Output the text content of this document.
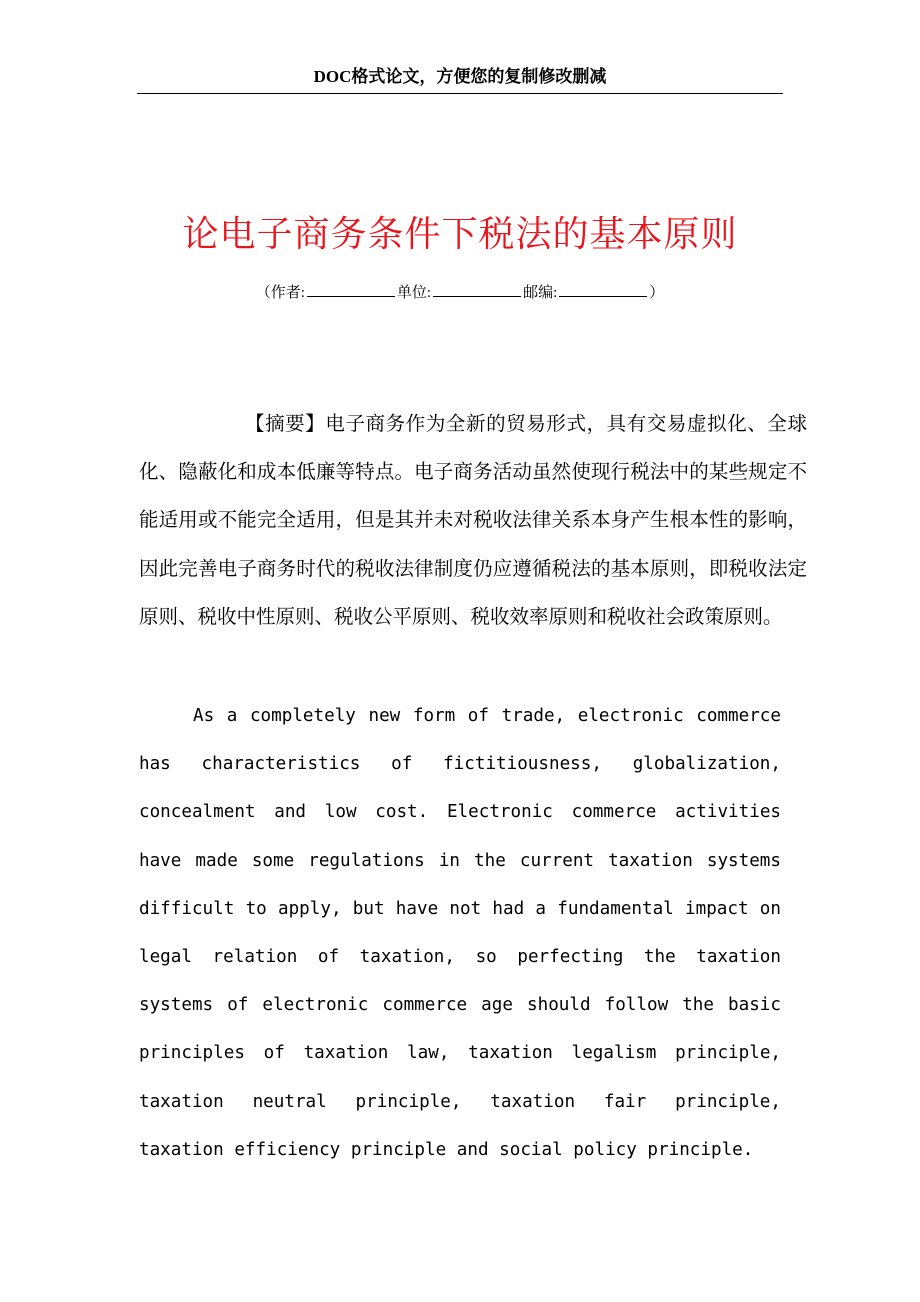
DOC格式论文，方便您的复制修改删减
论电子商务条件下税法的基本原则
（作者:	单位:	邮编:	）

【摘要】电子商务作为全新的贸易形式，具有交易虚拟化、全球化、隐蔽化和成本低廉等特点。电子商务活动虽然使现行税法中的某些规定不能适用或不能完全适用，但是其并未对税收法律关系本身产生根本性的影响，因此完善电子商务时代的税收法律制度仍应遵循税法的基本原则，即税收法定原则、税收中性原则、税收公平原则、税收效率原则和税收社会政策原则。

As a completely new form of trade, electronic commerce has characteristics of fictitiousness, globalization, concealment and low cost. Electronic commerce activities have made some regulations in the current taxation systems difficult to apply, but have not had a fundamental impact on legal relation of taxation, so perfecting the taxation systems of electronic commerce age should follow the basic principles of taxation law, taxation legalism principle, taxation neutral principle, taxation fair principle, taxation efficiency principle and social policy principle.
